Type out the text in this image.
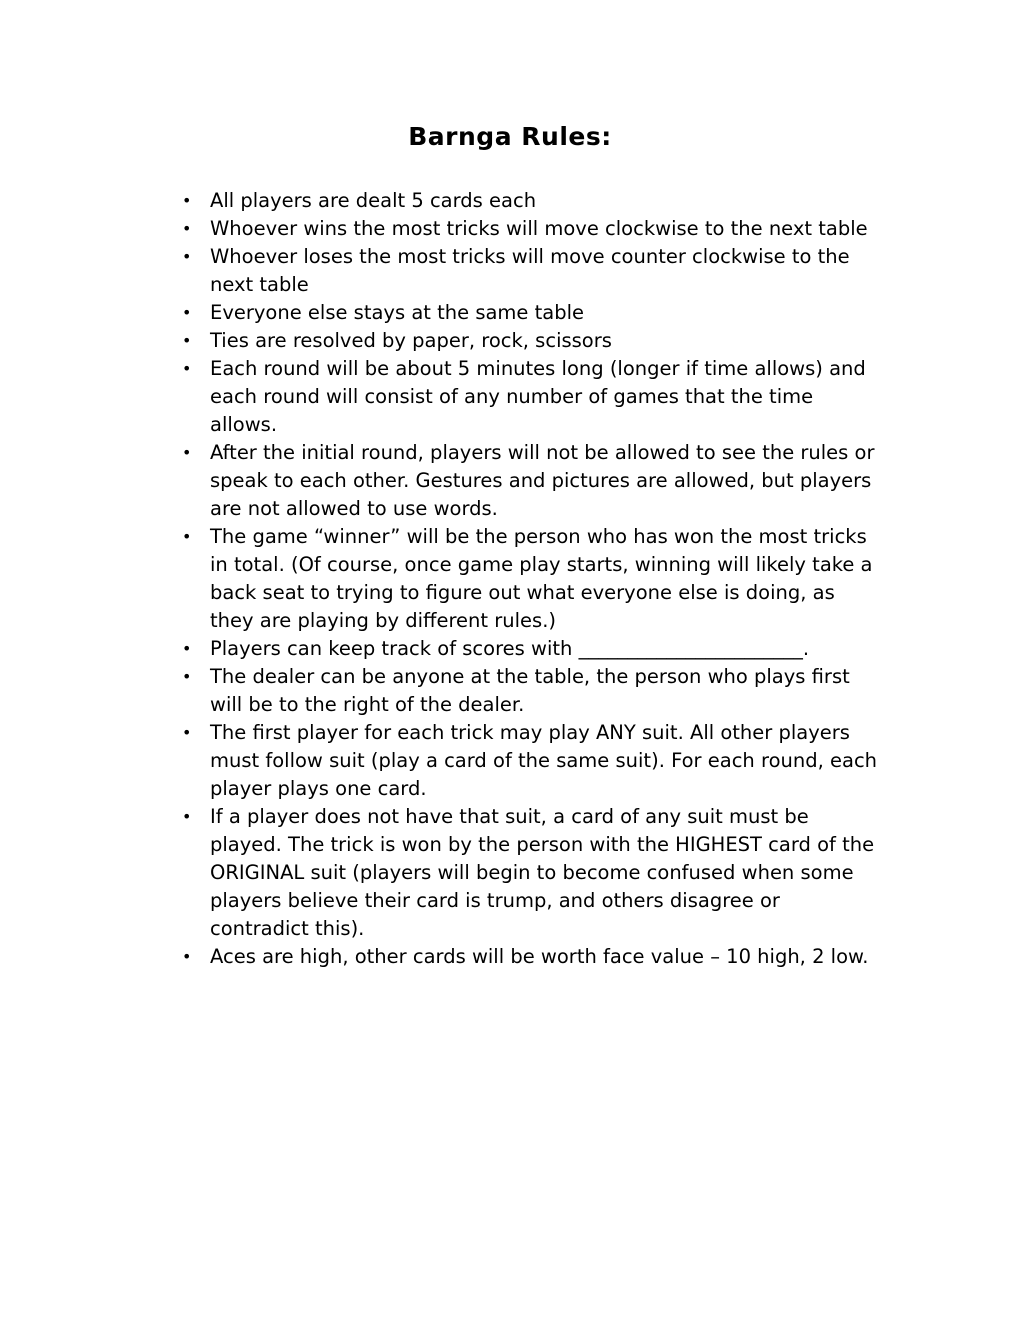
Barnga Rules:
• All players are dealt 5 cards each
• Whoever wins the most tricks will move clockwise to the next table
• Whoever loses the most tricks will move counter clockwise to the next table
• Everyone else stays at the same table
• Ties are resolved by paper, rock, scissors
• Each round will be about 5 minutes long (longer if time allows) and each round will consist of any number of games that the time allows.
• After the initial round, players will not be allowed to see the rules or speak to each other. Gestures and pictures are allowed, but players are not allowed to use words.
• The game “winner” will be the person who has won the most tricks in total. (Of course, once game play starts, winning will likely take a back seat to trying to figure out what everyone else is doing, as they are playing by different rules.)
• Players can keep track of scores with _______________________.
• The dealer can be anyone at the table, the person who plays first will be to the right of the dealer.
• The first player for each trick may play ANY suit. All other players must follow suit (play a card of the same suit). For each round, each player plays one card.
• If a player does not have that suit, a card of any suit must be played. The trick is won by the person with the HIGHEST card of the ORIGINAL suit (players will begin to become confused when some players believe their card is trump, and others disagree or contradict this).
• Aces are high, other cards will be worth face value – 10 high, 2 low.
